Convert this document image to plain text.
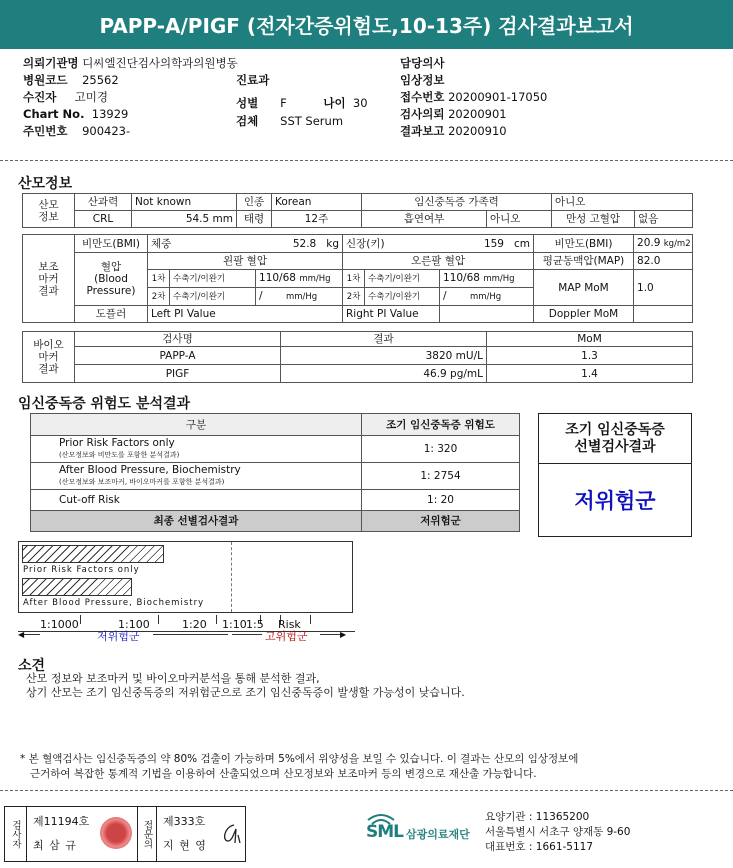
PAPP-A/PIGF (전자간증위험도,10-13주) 검사결과보고서
의뢰기관명 디씨엘진단검사의학과의원병동
병원코드 25562
수진자 고미경
Chart No. 13929
주민번호 900423-
진료과
성별 F	나이 30
검체 SST Serum
담당의사
임상정보
접수번호 20200901-17050
검사의뢰 20200901
결과보고 20200910
산모정보
산모
정보	산과력	Not known	인종	Korean	임신중독증 가족력		아니오	
	CRL	54.5 mm	태령	12주	흡연여부	아니오	만성 고혈압	없음
보조
마커
결과	비만도(BMI)	체중		52.8 kg	신장(키)		159 cm	비만도(BMI)	20.9 kg/m2
	혈압
(Blood
Pressure)	왼팔 혈압			오른팔 혈압			평균동맥압(MAP)	82.0
		1차	수축기/이완기	110/68 mm/Hg	1차	수축기/이완기	110/68 mm/Hg	MAP MoM	1.0
		2차	수축기/이완기	/ mm/Hg	2차	수축기/이완기	/ mm/Hg		
	도플러	Left PI Value			Right PI Value			Doppler MoM	
바이오
마커
결과	검사명	결과	MoM
	PAPP-A	3820 mU/L	1.3
	PIGF	46.9 pg/mL	1.4
임신중독증 위험도 분석결과
구분	조기 임신중독증 위험도

Prior Risk Factors only
(산모정보와 비만도를 포함한 분석결과)	1: 320

After Blood Pressure, Biochemistry
(산모정보와 보조마커, 바이오마커를 포함한 분석결과)	1: 2754
Cut-off Risk	1: 20
최종 선별검사결과	저위험군
조기 임신중독증
선별검사결과
저위험군
Prior Risk Factors only
After Blood Pressure, Biochemistry
◀	저위험군	고위험군	▶
소견
산모 정보와 보조마커 및 바이오마커분석을 통해 분석한 결과,
상기 산모는 조기 임신중독증의 저위험군으로 조기 임신중독증이 발생할 가능성이 낮습니다.
* 본 혈액검사는 임신중독증의 약 80% 검출이 가능하며 5%에서 위양성을 보일 수 있습니다. 이 결과는 산모의 임상정보에
근거하여 복잡한 통계적 기법을 이용하여 산출되었으며 산모정보와 보조마커 등의 변경으로 재산출 가능합니다.
검사자	제11194호
최 삼 규	접문의 제333호
지 현 영
SML 삼광의료재단
요양기관 : 11365200
서울특별시 서초구 양재동 9-60
대표번호 : 1661-5117
1:1000	1:100	1:20 1:10 1:5 Risk
